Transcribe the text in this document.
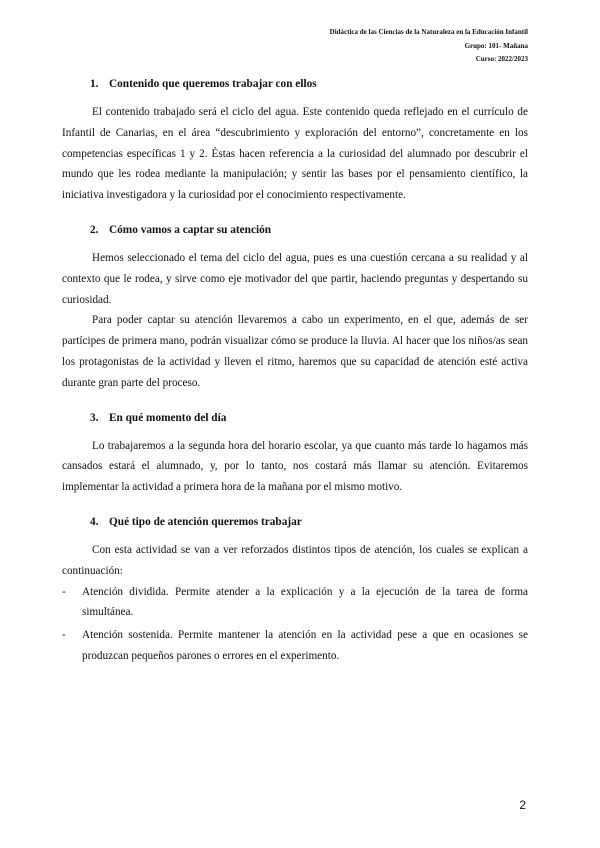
Didáctica de las Ciencias de la Naturaleza en la Educación Infantil
Grupo: 101- Mañana
Curso: 2022/2023
1. Contenido que queremos trabajar con ellos

El contenido trabajado será el ciclo del agua. Este contenido queda reflejado en el currículo de Infantil de Canarias, en el área “descubrimiento y exploración del entorno”, concretamente en los competencias específicas 1 y 2. Éstas hacen referencia a la curiosidad del alumnado por descubrir el mundo que les rodea mediante la manipulación; y sentir las bases por el pensamiento científico, la iniciativa investigadora y la curiosidad por el conocimiento respectivamente.

2. Cómo vamos a captar su atención

Hemos seleccionado el tema del ciclo del agua, pues es una cuestión cercana a su realidad y al contexto que le rodea, y sirve como eje motivador del que partir, haciendo preguntas y despertando su curiosidad.

Para poder captar su atención llevaremos a cabo un experimento, en el que, además de ser partícipes de primera mano, podrán visualizar cómo se produce la lluvia. Al hacer que los niños/as sean los protagonistas de la actividad y lleven el ritmo, haremos que su capacidad de atención esté activa durante gran parte del proceso.

3. En qué momento del día

Lo trabajaremos a la segunda hora del horario escolar, ya que cuanto más tarde lo hagamos más cansados estará el alumnado, y, por lo tanto, nos costará más llamar su atención. Evitaremos implementar la actividad a primera hora de la mañana por el mismo motivo.

4. Qué tipo de atención queremos trabajar

Con esta actividad se van a ver reforzados distintos tipos de atención, los cuales se explican a continuación:

-	Atención dividida. Permite atender a la explicación y a la ejecución de la tarea de forma simultánea.
-	Atención sostenida. Permite mantener la atención en la actividad pese a que en ocasiones se produzcan pequeños parones o errores en el experimento.
2
